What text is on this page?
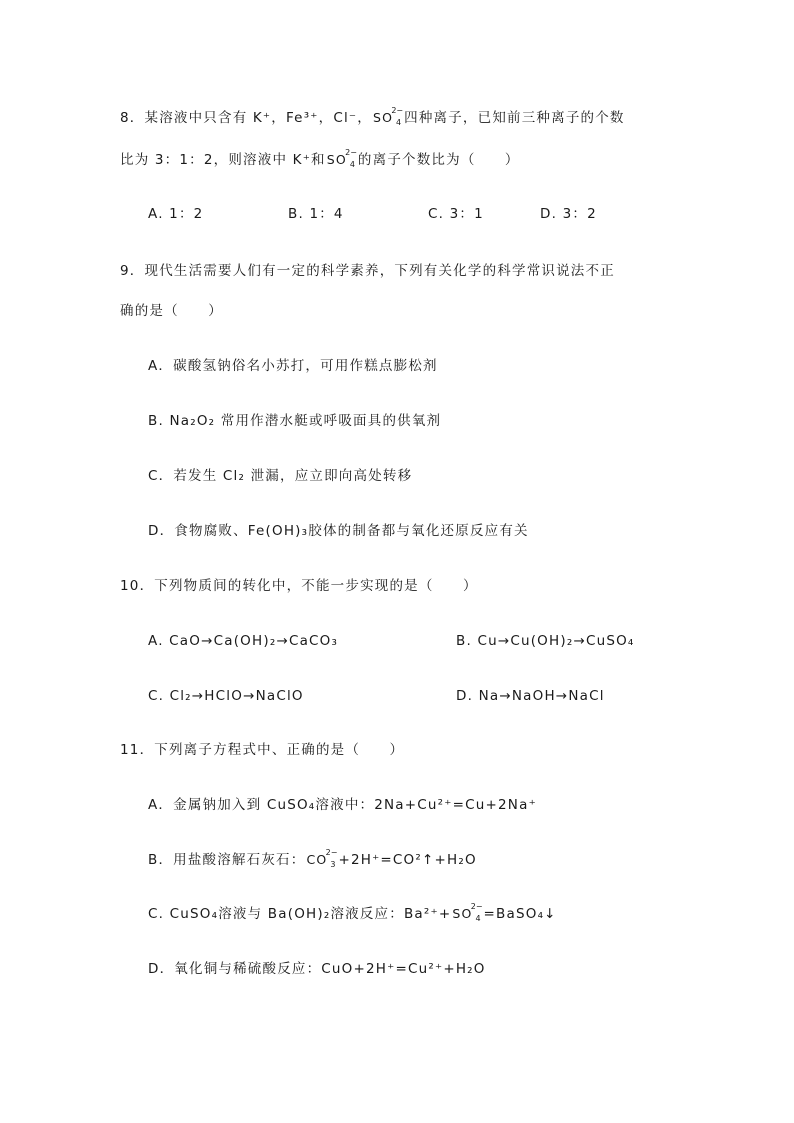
8．某溶液中只含有 K⁺，Fe³⁺，Cl⁻，SO
2−
4 四种离子，已知前三种离子的个数
比为 3：1：2，则溶液中 K⁺和SO
2−
4 的离子个数比为（　　）
A. 1：2	B. 1：4	C. 3：1	D. 3：2
9．现代生活需要人们有一定的科学素养，下列有关化学的科学常识说法不正
确的是（　　）
A．碳酸氢钠俗名小苏打，可用作糕点膨松剂
B. Na₂O₂ 常用作潜水艇或呼吸面具的供氧剂
C．若发生 Cl₂ 泄漏，应立即向高处转移
D．食物腐败、Fe(OH)₃胶体的制备都与氧化还原反应有关
10．下列物质间的转化中，不能一步实现的是（　　）
A. CaO→Ca(OH)₂→CaCO₃	B. Cu→Cu(OH)₂→CuSO₄
C. Cl₂→HClO→NaClO	D. Na→NaOH→NaCl
11．下列离子方程式中、正确的是（　　）
A．金属钠加入到 CuSO₄溶液中：2Na+Cu²⁺=Cu+2Na⁺
B．用盐酸溶解石灰石：CO
2−
3 +2H⁺=CO²↑+H₂O
C. CuSO₄溶液与 Ba(OH)₂溶液反应：Ba²⁺+SO
2−
4 =BaSO₄↓
D．氧化铜与稀硫酸反应：CuO+2H⁺=Cu²⁺+H₂O
